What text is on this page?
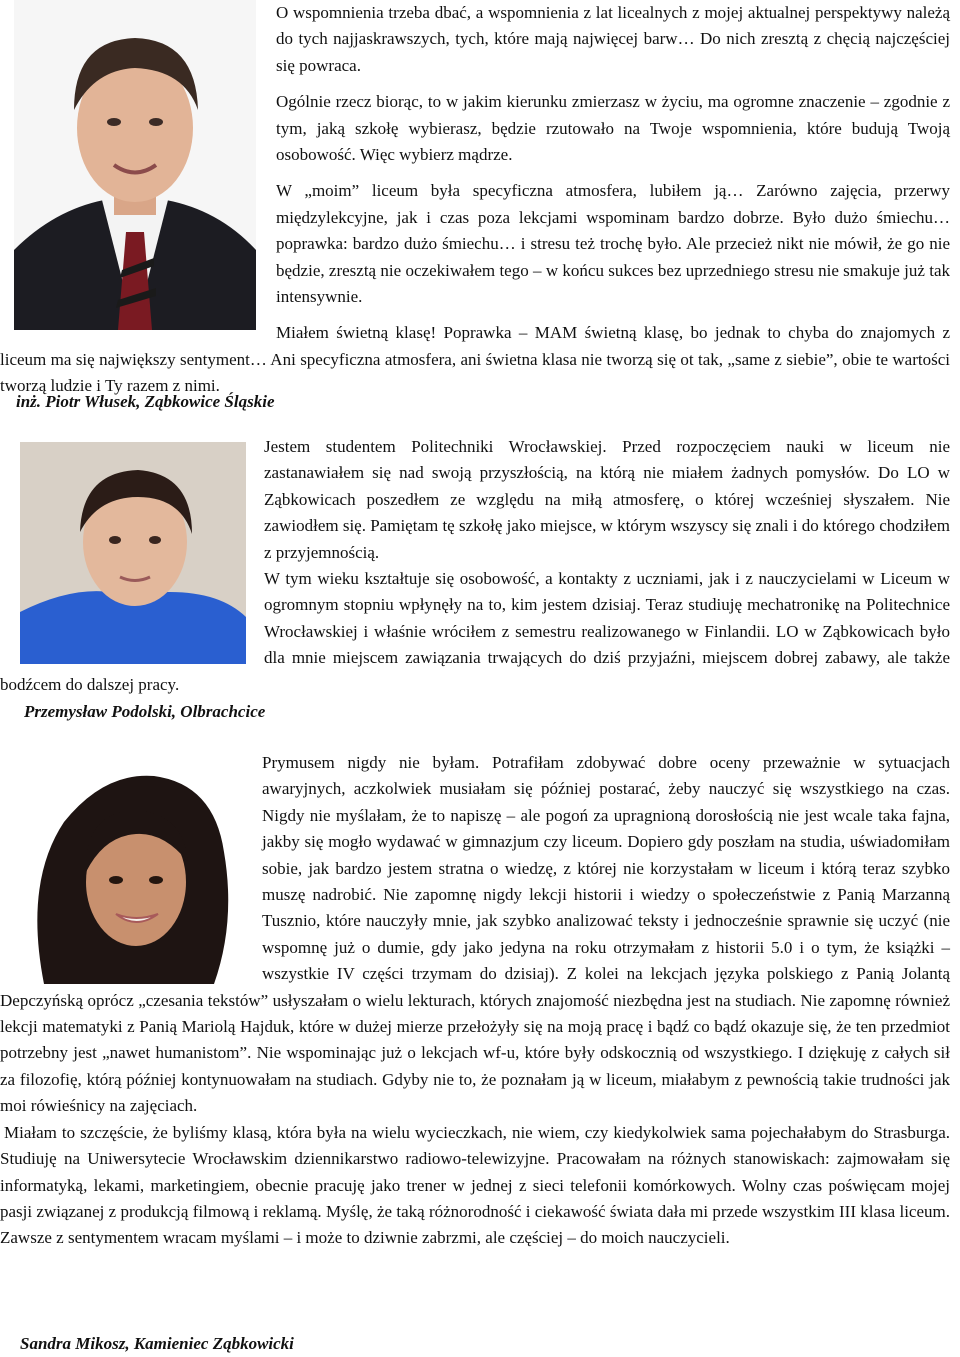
O wspomnienia trzeba dbać, a wspomnienia z lat licealnych z mojej aktualnej perspektywy należą do tych najjaskrawszych, tych, które mają najwięcej barw… Do nich zresztą z chęcią najczęściej się powraca.

Ogólnie rzecz biorąc, to w jakim kierunku zmierzasz w życiu, ma ogromne znaczenie – zgodnie z tym, jaką szkołę wybierasz, będzie rzutowało na Twoje wspomnienia, które budują Twoją osobowość. Więc wybierz mądrze.

W „moim” liceum była specyficzna atmosfera, lubiłem ją… Zarówno zajęcia, przerwy międzylekcyjne, jak i czas poza lekcjami wspominam bardzo dobrze. Było dużo śmiechu… poprawka: bardzo dużo śmiechu… i stresu też trochę było. Ale przecież nikt nie mówił, że go nie będzie, zresztą nie oczekiwałem tego – w końcu sukces bez uprzedniego stresu nie smakuje już tak intensywnie.

Miałem świetną klasę! Poprawka – MAM świetną klasę, bo jednak to chyba do znajomych z liceum ma się największy sentyment… Ani specyficzna atmosfera, ani świetna klasa nie tworzą się ot tak, „same z siebie”, obie te wartości tworzą ludzie i Ty razem z nimi.

inż. Piotr Włusek, Ząbkowice Śląskie

Jestem studentem Politechniki Wrocławskiej. Przed rozpoczęciem nauki w liceum nie zastanawiałem się nad swoją przyszłością, na którą nie miałem żadnych pomysłów. Do LO w Ząbkowicach poszedłem ze względu na miłą atmosferę, o której wcześniej słyszałem. Nie zawiodłem się. Pamiętam tę szkołę jako miejsce, w którym wszyscy się znali i do którego chodziłem z przyjemnością.

W tym wieku kształtuje się osobowość, a kontakty z uczniami, jak i z nauczycielami w Liceum w ogromnym stopniu wpłynęły na to, kim jestem dzisiaj. Teraz studiuję mechatronikę na Politechnice Wrocławskiej i właśnie wróciłem z semestru realizowanego w Finlandii. LO w Ząbkowicach było dla mnie miejscem zawiązania trwających do dziś przyjaźni, miejscem dobrej zabawy, ale także bodźcem do dalszej pracy.

Przemysław Podolski, Olbrachcice

Prymusem nigdy nie byłam. Potrafiłam zdobywać dobre oceny przeważnie w sytuacjach awaryjnych, aczkolwiek musiałam się później postarać, żeby nauczyć się wszystkiego na czas. Nigdy nie myślałam, że to napiszę – ale pogoń za upragnioną dorosłością nie jest wcale taka fajna, jakby się mogło wydawać w gimnazjum czy liceum. Dopiero gdy poszłam na studia, uświadomiłam sobie, jak bardzo jestem stratna o wiedzę, z której nie korzystałam w liceum i którą teraz szybko muszę nadrobić. Nie zapomnę nigdy lekcji historii i wiedzy o społeczeństwie z Panią Marzanną Tusznio, które nauczyły mnie, jak szybko analizować teksty i jednocześnie sprawnie się uczyć (nie wspomnę już o dumie, gdy jako jedyna na roku otrzymałam z historii 5.0 i o tym, że książki – wszystkie IV części trzymam do dzisiaj). Z kolei na lekcjach języka polskiego z Panią Jolantą Depczyńską oprócz „czesania tekstów” usłyszałam o wielu lekturach, których znajomość niezbędna jest na studiach. Nie zapomnę również lekcji matematyki z Panią Mariolą Hajduk, które w dużej mierze przełożyły się na moją pracę i bądź co bądź okazuje się, że ten przedmiot potrzebny jest „nawet humanistom”. Nie wspominając już o lekcjach wf-u, które były odskocznią od wszystkiego. I dziękuję z całych sił za filozofię, którą później kontynuowałam na studiach. Gdyby nie to, że poznałam ją w liceum, miałabym z pewnością takie trudności jak moi rówieśnicy na zajęciach.

Miałam to szczęście, że byliśmy klasą, która była na wielu wycieczkach, nie wiem, czy kiedykolwiek sama pojechałabym do Strasburga. Studiuję na Uniwersytecie Wrocławskim dziennikarstwo radiowo-telewizyjne. Pracowałam na różnych stanowiskach: zajmowałam się informatyką, lekami, marketingiem, obecnie pracuję jako trener w jednej z sieci telefonii komórkowych. Wolny czas poświęcam mojej pasji związanej z produkcją filmową i reklamą. Myślę, że taką różnorodność i ciekawość świata dała mi przede wszystkim III klasa liceum. Zawsze z sentymentem wracam myślami – i może to dziwnie zabrzmi, ale częściej – do moich nauczycieli.

Sandra Mikosz, Kamieniec Ząbkowicki
